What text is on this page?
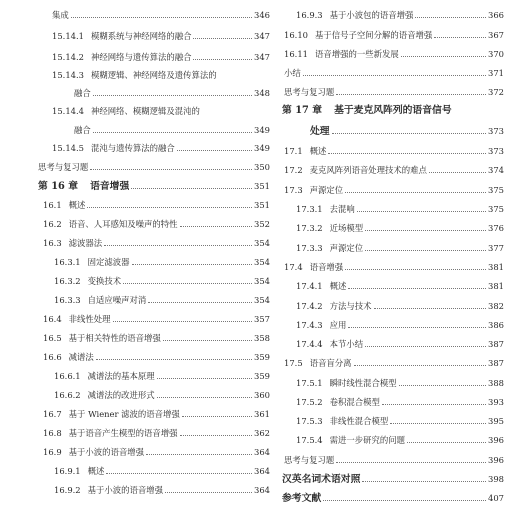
集成	346
15.14.1 模糊系统与神经网络的融合	347
15.14.2 神经网络与遗传算法的融合	347
15.14.3 模糊逻辑、神经网络及遗传算法的
融合	348
15.14.4 神经网络、模糊逻辑及混沌的
融合	349
15.14.5 混沌与遗传算法的融合	349
思考与复习题	350
第 16 章 语音增强	351
16.1 概述	351
16.2 语音、人耳感知及噪声的特性	352
16.3 滤波器法	354
16.3.1 固定滤波器	354
16.3.2 变换技术	354
16.3.3 自适应噪声对消	354
16.4 非线性处理	357
16.5 基于相关特性的语音增强	358
16.6 减谱法	359
16.6.1 减谱法的基本原理	359
16.6.2 减谱法的改进形式	360
16.7 基于 Wiener 滤波的语音增强	361
16.8 基于语音产生模型的语音增强	362
16.9 基于小波的语音增强	364
16.9.1 概述	364
16.9.2 基于小波的语音增强	364
16.9.3 基于小波包的语音增强	366
16.10 基于信号子空间分解的语音增强	367
16.11 语音增强的一些新发展	370
小结	371
思考与复习题	372
第 17 章 基于麦克风阵列的语音信号
处理	373
17.1 概述	373
17.2 麦克风阵列语音处理技术的难点	374
17.3 声源定位	375
17.3.1 去混响	375
17.3.2 近场模型	376
17.3.3 声源定位	377
17.4 语音增强	381
17.4.1 概述	381
17.4.2 方法与技术	382
17.4.3 应用	386
17.4.4 本节小结	387
17.5 语音盲分离	387
17.5.1 瞬时线性混合模型	388
17.5.2 卷积混合模型	393
17.5.3 非线性混合模型	395
17.5.4 需进一步研究的问题	396
思考与复习题	396
汉英名词术语对照	398
参考文献	407
